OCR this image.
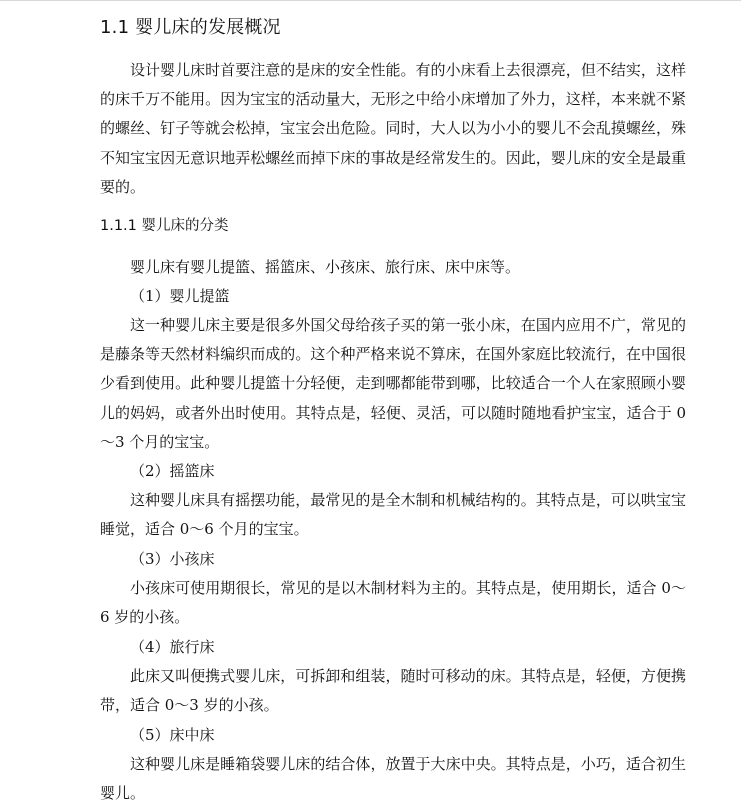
1.1 婴儿床的发展概况

设计婴儿床时首要注意的是床的安全性能。有的小床看上去很漂亮，但不结实，这样的床千万不能用。因为宝宝的活动量大，无形之中给小床增加了外力，这样，本来就不紧的螺丝、钉子等就会松掉，宝宝会出危险。同时，大人以为小小的婴儿不会乱摸螺丝，殊不知宝宝因无意识地弄松螺丝而掉下床的事故是经常发生的。因此，婴儿床的安全是最重要的。

1.1.1 婴儿床的分类
婴儿床有婴儿提篮、摇篮床、小孩床、旅行床、床中床等。
（1）婴儿提篮

这一种婴儿床主要是很多外国父母给孩子买的第一张小床，在国内应用不广，常见的是藤条等天然材料编织而成的。这个种严格来说不算床，在国外家庭比较流行，在中国很少看到使用。此种婴儿提篮十分轻便，走到哪都能带到哪，比较适合一个人在家照顾小婴儿的妈妈，或者外出时使用。其特点是，轻便、灵活，可以随时随地看护宝宝，适合于 0～3 个月的宝宝。

（2）摇篮床

这种婴儿床具有摇摆功能，最常见的是全木制和机械结构的。其特点是，可以哄宝宝睡觉，适合 0～6 个月的宝宝。

（3）小孩床

小孩床可使用期很长，常见的是以木制材料为主的。其特点是，使用期长，适合 0～6 岁的小孩。

（4）旅行床

此床又叫便携式婴儿床，可拆卸和组装，随时可移动的床。其特点是，轻便，方便携带，适合 0～3 岁的小孩。

（5）床中床

这种婴儿床是睡箱袋婴儿床的结合体，放置于大床中央。其特点是，小巧，适合初生婴儿。
